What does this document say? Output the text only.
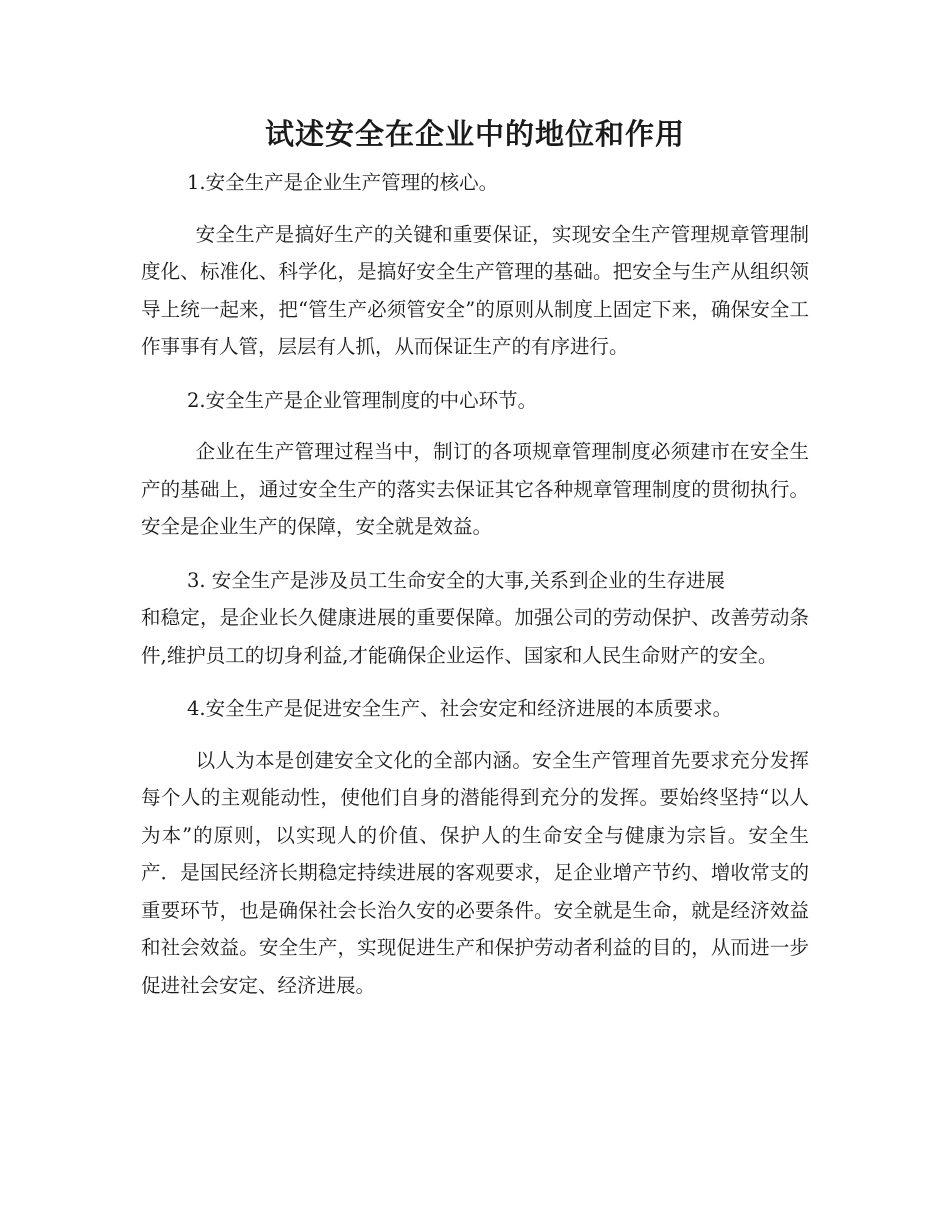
试述安全在企业中的地位和作用

1.安全生产是企业生产管理的核心。

安全生产是搞好生产的关键和重要保证，实现安全生产管理规章管理制度化、标准化、科学化，是搞好安全生产管理的基础。把安全与生产从组织领导上统一起来，把“管生产必须管安全”的原则从制度上固定下来，确保安全工作事事有人管，层层有人抓，从而保证生产的有序进行。

2.安全生产是企业管理制度的中心环节。

企业在生产管理过程当中，制订的各项规章管理制度必须建市在安全生产的基础上，通过安全生产的落实去保证其它各种规章管理制度的贯彻执行。安全是企业生产的保障，安全就是效益。

3. 安全生产是涉及员工生命安全的大事,关系到企业的生存进展

和稳定，是企业长久健康进展的重要保障。加强公司的劳动保护、改善劳动条件,维护员工的切身利益,才能确保企业运作、国家和人民生命财产的安全。

4.安全生产是促进安全生产、社会安定和经济进展的本质要求。

以人为本是创建安全文化的全部内涵。安全生产管理首先要求充分发挥每个人的主观能动性，使他们自身的潜能得到充分的发挥。要始终坚持“以人为本”的原则，以实现人的价值、保护人的生命安全与健康为宗旨。安全生产．是国民经济长期稳定持续进展的客观要求，足企业增产节约、增收常支的重要环节，也是确保社会长治久安的必要条件。安全就是生命，就是经济效益和社会效益。安全生产，实现促进生产和保护劳动者利益的目的，从而进一步促进社会安定、经济进展。
